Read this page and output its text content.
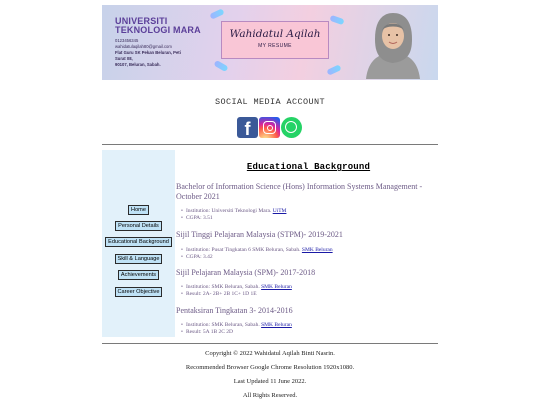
UNIVERSITI TEKNOLOGI MARA
0123456345
wahidatulaqilah80@gmail.com
Flat Guru SK Pekan Beluran, Peti
Surat 08,
90107, Beluran, Sabah.
Wahidatul Aqilah
MY RESUME
SOCIAL MEDIA ACCOUNT
f
Home
Personal Details
Educational Background
Skill & Language
Achievements
Career Objective
Educational Background
Bachelor of Information Science (Hons) Information Systems Management - October 2021
• Institution: Universiti Teknologi Mara. UiTM
• CGPA: 3.51
Sijil Tinggi Pelajaran Malaysia (STPM)- 2019-2021
• Institution: Pusat Tingkatan 6 SMK Beluran, Sabah. SMK Beluran
• CGPA: 3.42
Sijil Pelajaran Malaysia (SPM)- 2017-2018
• Institution: SMK Beluran, Sabah. SMK Beluran
• Result: 2A- 2B+ 2B 1C+ 1D 1E
Pentaksiran Tingkatan 3- 2014-2016
• Institution: SMK Beluran, Sabah. SMK Beluran
• Result: 5A 1B 2C 2D
Copyright © 2022 Wahidatul Aqilah Binti Nasrin.
Recommended Browser Google Chrome Resolution 1920x1080.
Last Updated 11 June 2022.
All Rights Reserved.
